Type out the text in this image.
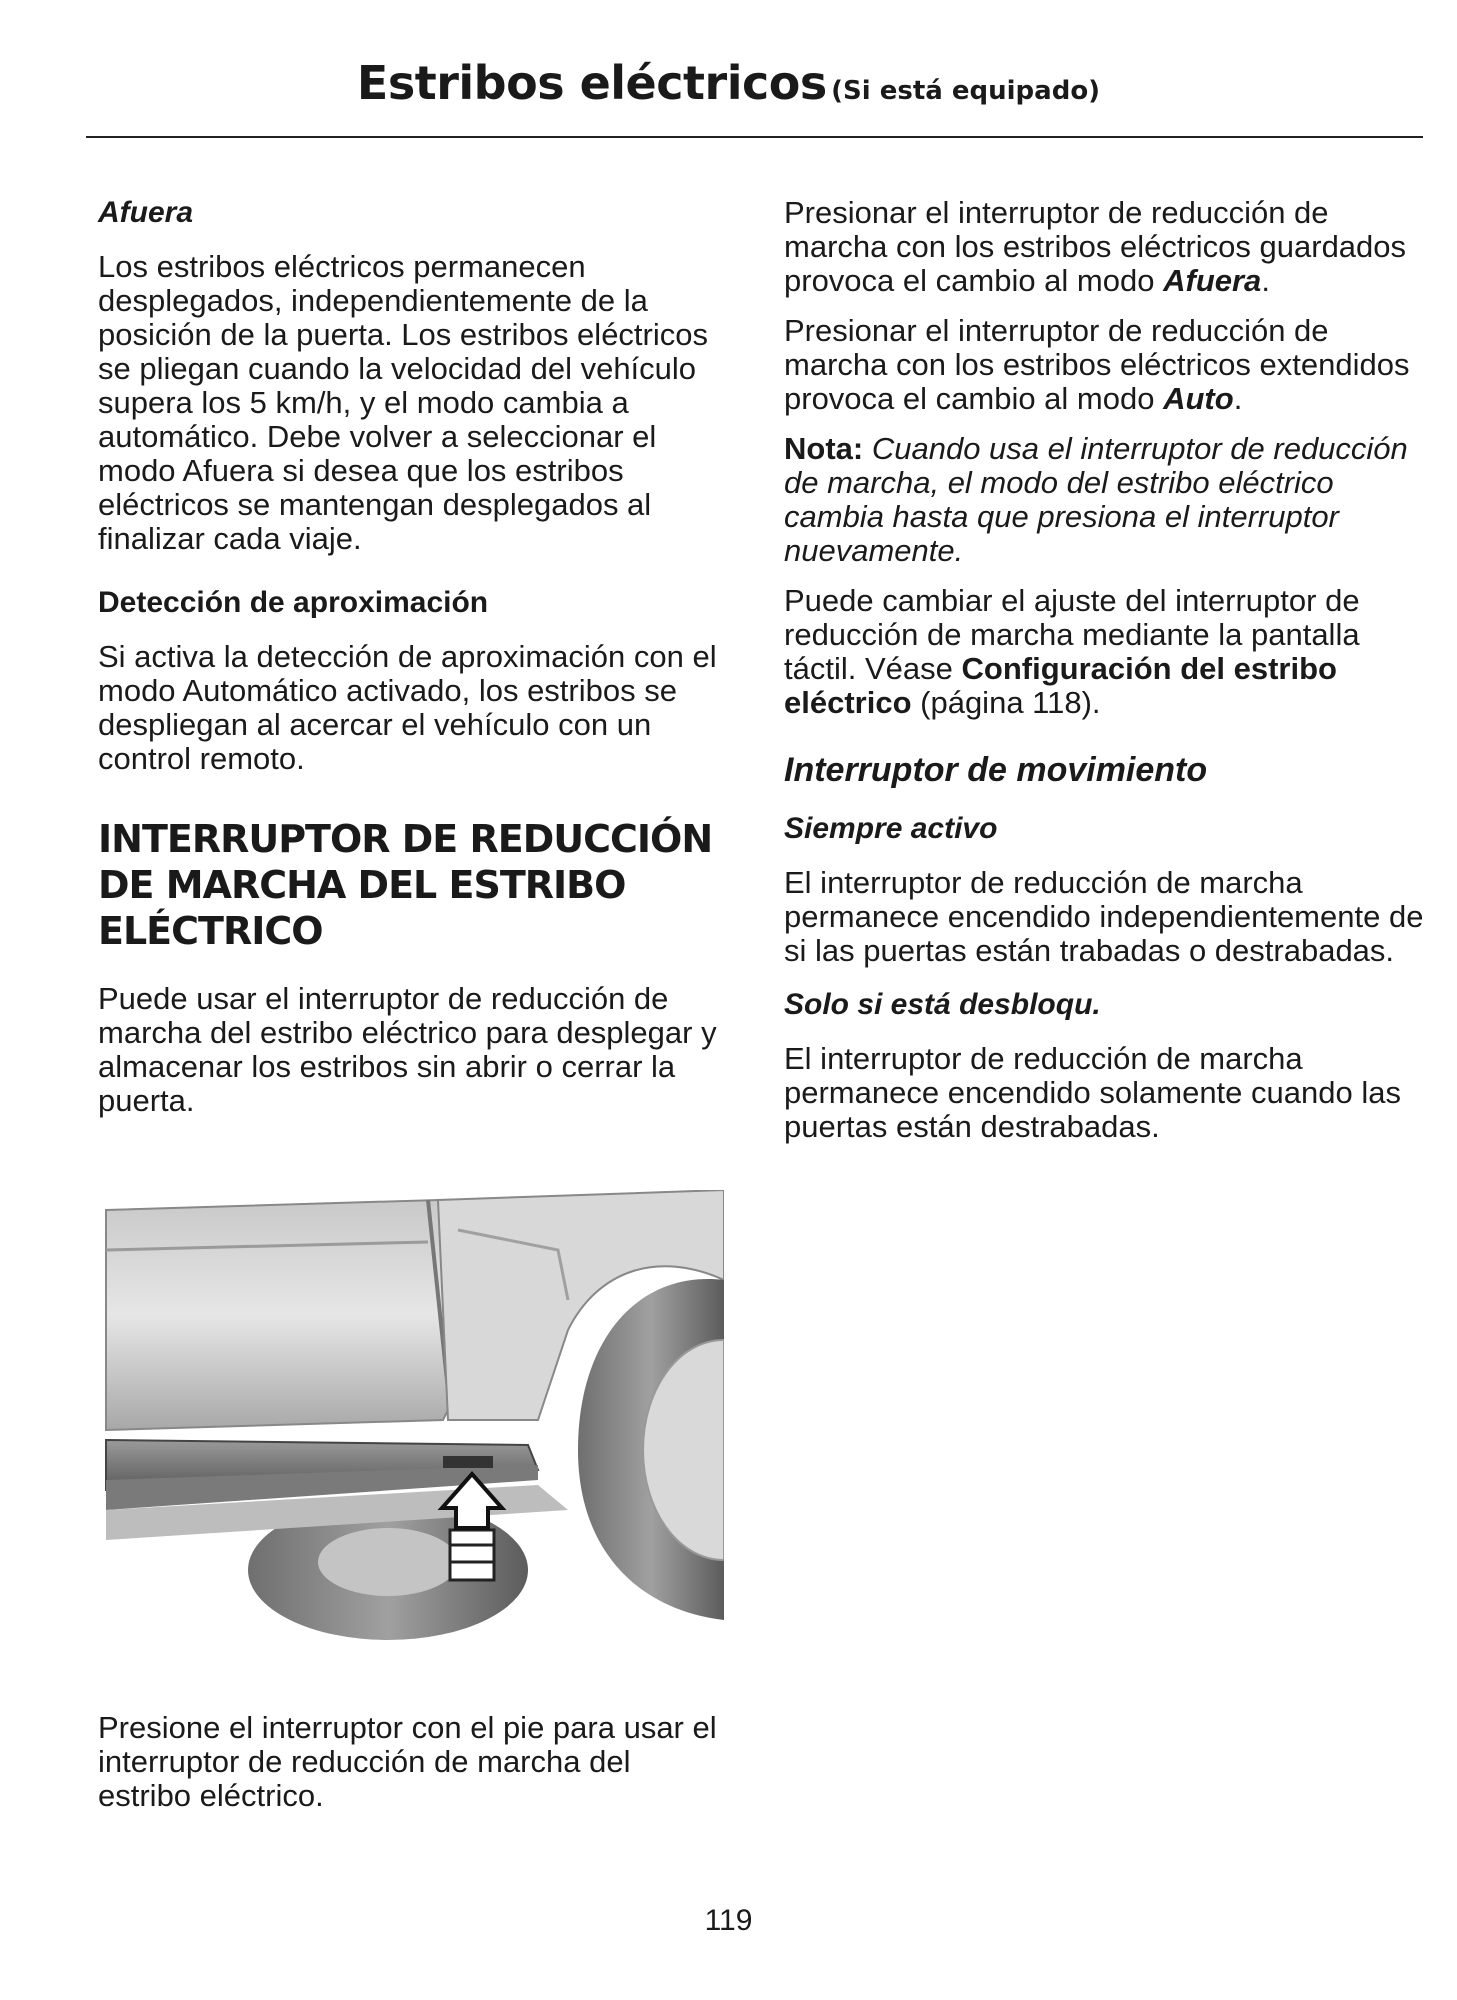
Estribos eléctricos (Si está equipado)
Afuera

Los estribos eléctricos permanecen desplegados, independientemente de la posición de la puerta. Los estribos eléctricos se pliegan cuando la velocidad del vehículo supera los 5 km/h, y el modo cambia a automático. Debe volver a seleccionar el modo Afuera si desea que los estribos eléctricos se mantengan desplegados al finalizar cada viaje.

Detección de aproximación

Si activa la detección de aproximación con el modo Automático activado, los estribos se despliegan al acercar el vehículo con un control remoto.

INTERRUPTOR DE REDUCCIÓN
DE MARCHA DEL ESTRIBO
ELÉCTRICO

Puede usar el interruptor de reducción de marcha del estribo eléctrico para desplegar y almacenar los estribos sin abrir o cerrar la puerta.

Presione el interruptor con el pie para usar el interruptor de reducción de marcha del estribo eléctrico.

Presionar el interruptor de reducción de marcha con los estribos eléctricos guardados provoca el cambio al modo Afuera.

Presionar el interruptor de reducción de marcha con los estribos eléctricos extendidos provoca el cambio al modo Auto.

Nota: Cuando usa el interruptor de reducción de marcha, el modo del estribo eléctrico cambia hasta que presiona el interruptor nuevamente.

Puede cambiar el ajuste del interruptor de reducción de marcha mediante la pantalla táctil. Véase Configuración del estribo eléctrico (página 118).

Interruptor de movimiento
Siempre activo

El interruptor de reducción de marcha permanece encendido independientemente de si las puertas están trabadas o destrabadas.

Solo si está desbloqu.

El interruptor de reducción de marcha permanece encendido solamente cuando las puertas están destrabadas.

119
